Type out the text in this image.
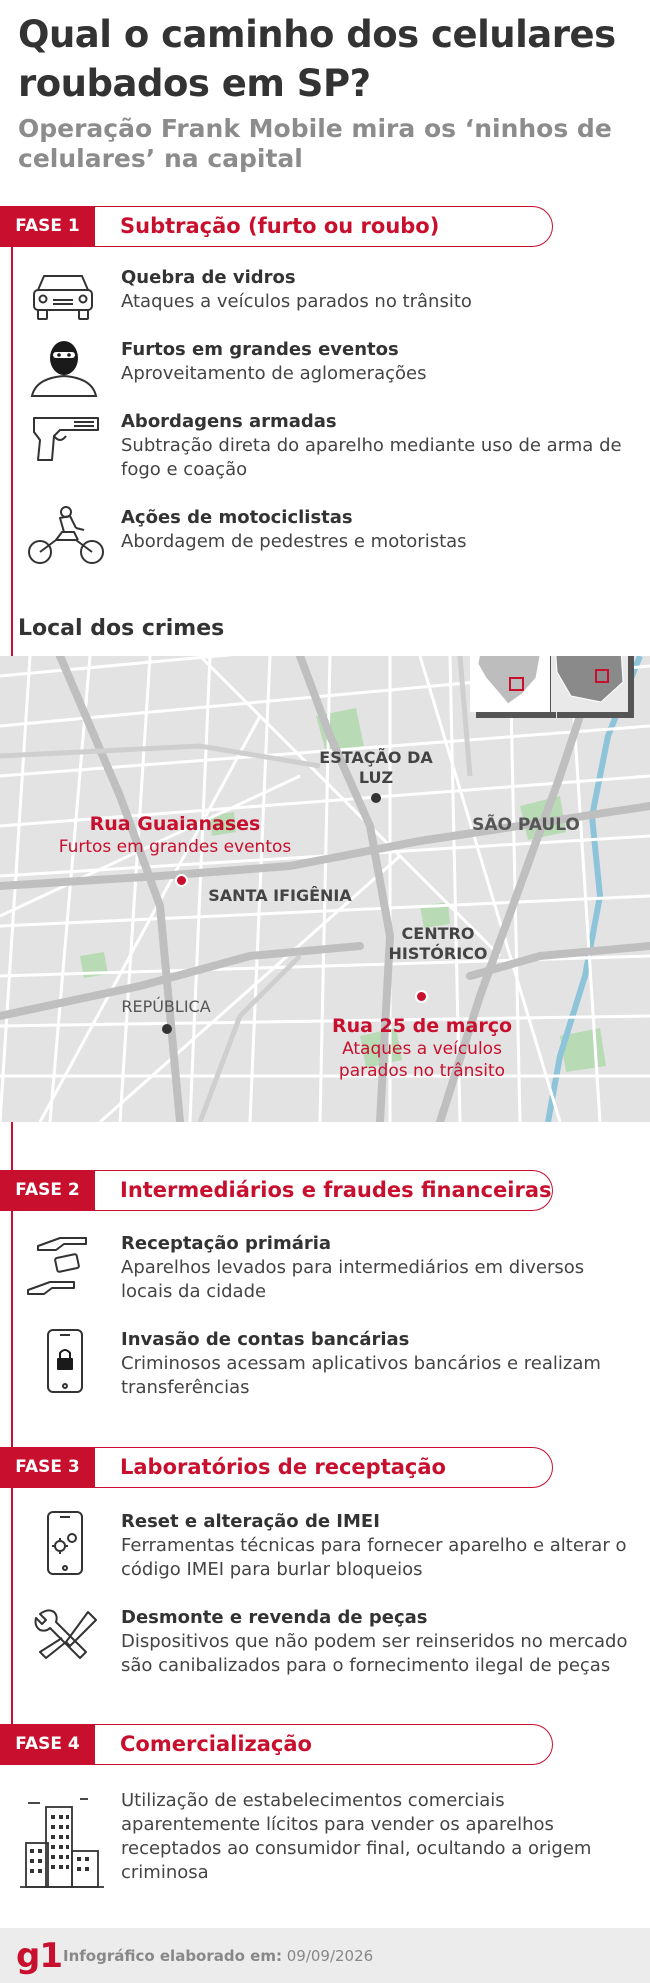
Qual o caminho dos celulares roubados em SP?
Operação Frank Mobile mira os ‘ninhos de celulares’ na capital
FASE 1	Subtração (furto ou roubo)
Quebra de vidros
Ataques a veículos parados no trânsito
Furtos em grandes eventos
Aproveitamento de aglomerações
Abordagens armadas
Subtração direta do aparelho mediante uso de arma de fogo e coação
Ações de motociclistas
Abordagem de pedestres e motoristas
Local dos crimes
ESTAÇÃO DA LUZ
SÃO PAULO
SANTA IFIGÊNIA
CENTRO HISTÓRICO
REPÚBLICA
Rua Guaianases
Furtos em grandes eventos
Rua 25 de março
Ataques a veículos parados no trânsito
FASE 2	Intermediários e fraudes financeiras
Receptação primária
Aparelhos levados para intermediários em diversos locais da cidade
Invasão de contas bancárias
Criminosos acessam aplicativos bancários e realizam transferências
FASE 3	Laboratórios de receptação
Reset e alteração de IMEI
Ferramentas técnicas para fornecer aparelho e alterar o código IMEI para burlar bloqueios
Desmonte e revenda de peças
Dispositivos que não podem ser reinseridos no mercado são canibalizados para o fornecimento ilegal de peças
FASE 4	Comercialização
Utilização de estabelecimentos comerciais aparentemente lícitos para vender os aparelhos receptados ao consumidor final, ocultando a origem criminosa
g1 Infográfico elaborado em: 09/09/2026
